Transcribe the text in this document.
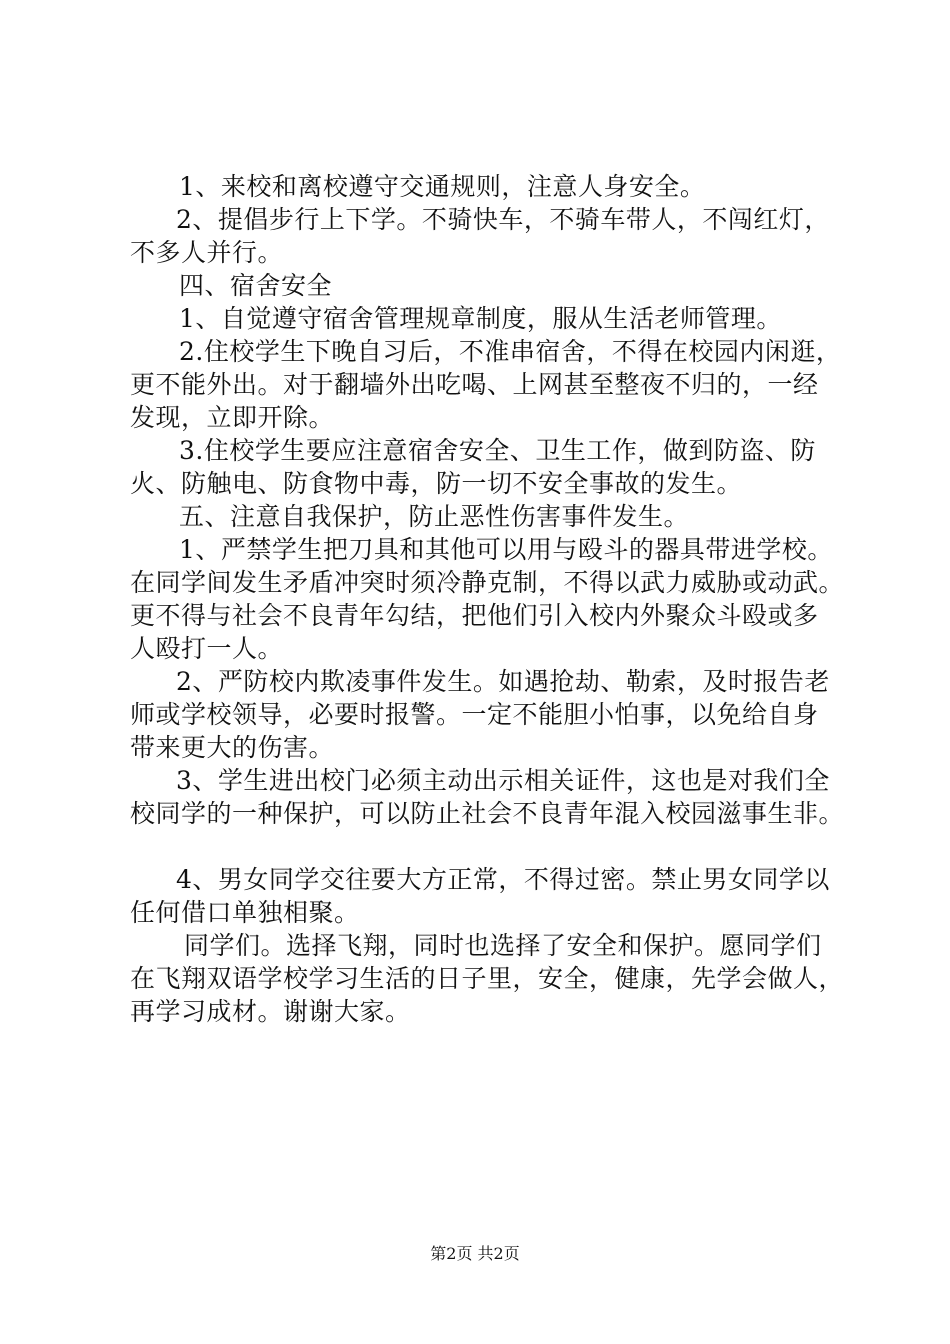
1、来校和离校遵守交通规则，注意人身安全。
2、提倡步行上下学。不骑快车，不骑车带人，不闯红灯，
不多人并行。
四、宿舍安全
1、自觉遵守宿舍管理规章制度，服从生活老师管理。
2.住校学生下晚自习后，不准串宿舍，不得在校园内闲逛，
更不能外出。对于翻墙外出吃喝、上网甚至整夜不归的，一经
发现，立即开除。
3.住校学生要应注意宿舍安全、卫生工作，做到防盗、防
火、防触电、防食物中毒，防一切不安全事故的发生。
五、注意自我保护，防止恶性伤害事件发生。
1、严禁学生把刀具和其他可以用与殴斗的器具带进学校。
在同学间发生矛盾冲突时须冷静克制，不得以武力威胁或动武。
更不得与社会不良青年勾结，把他们引入校内外聚众斗殴或多
人殴打一人。
2、严防校内欺凌事件发生。如遇抢劫、勒索，及时报告老
师或学校领导，必要时报警。一定不能胆小怕事，以免给自身
带来更大的伤害。
3、学生进出校门必须主动出示相关证件，这也是对我们全
校同学的一种保护，可以防止社会不良青年混入校园滋事生非。
4、男女同学交往要大方正常，不得过密。禁止男女同学以
任何借口单独相聚。
同学们。选择飞翔，同时也选择了安全和保护。愿同学们
在飞翔双语学校学习生活的日子里，安全，健康，先学会做人，
再学习成材。谢谢大家。
第2页 共2页
